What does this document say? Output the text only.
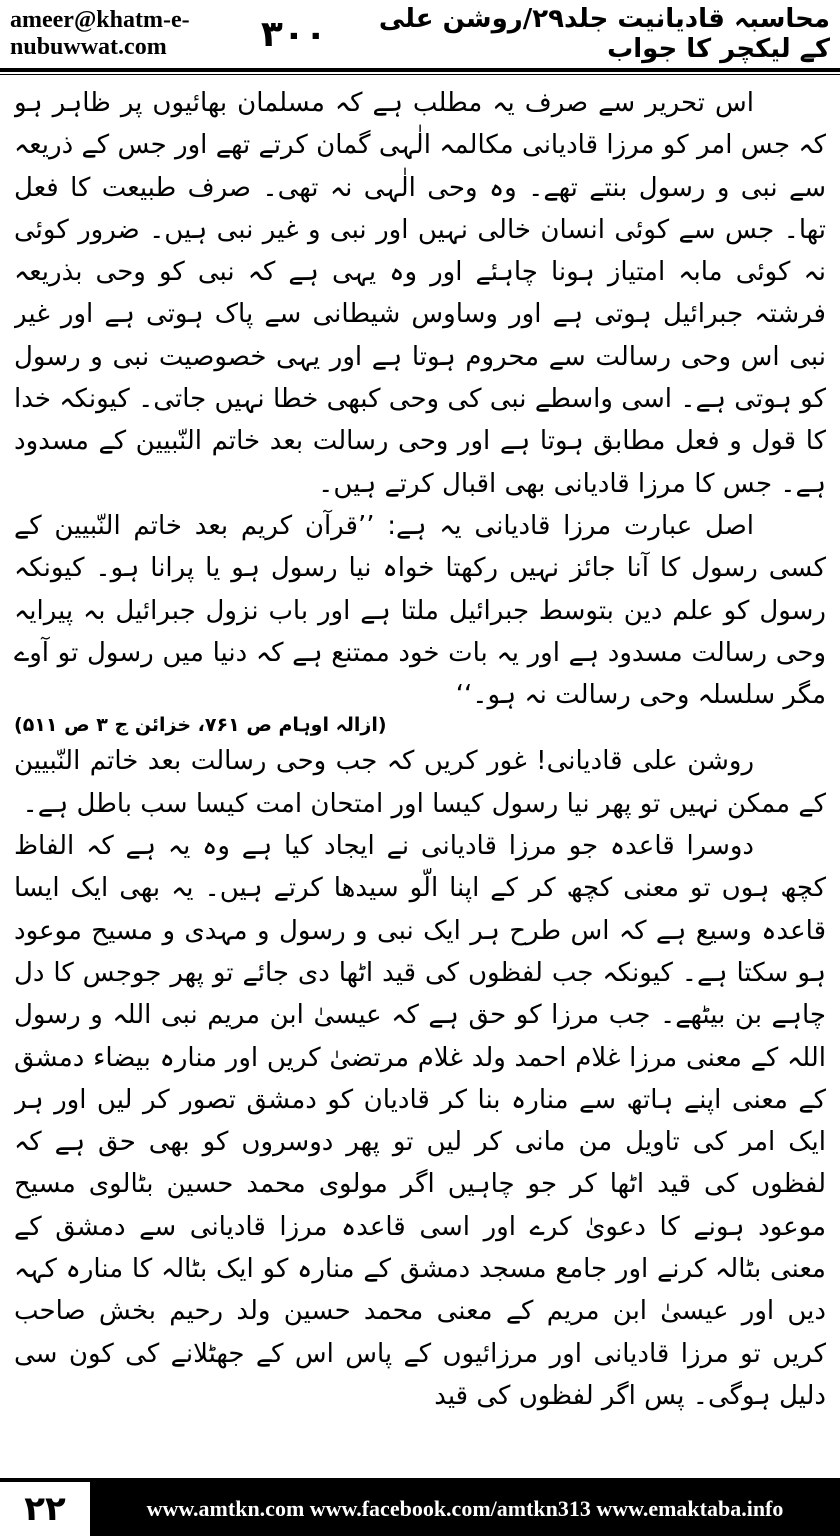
ameer@khatm-e-nubuwwat.com
محاسبہ قادیانیت جلد۲۹/روشن علی کے لیکچر کا جواب
۳۰۰

اس تحریر سے صرف یہ مطلب ہے کہ مسلمان بھائیوں پر ظاہر ہو کہ جس امر کو مرزا قادیانی مکالمہ الٰہی گمان کرتے تھے اور جس کے ذریعہ سے نبی و رسول بنتے تھے۔ وہ وحی الٰہی نہ تھی۔ صرف طبیعت کا فعل تھا۔ جس سے کوئی انسان خالی نہیں اور نبی و غیر نبی ہیں۔ ضرور کوئی نہ کوئی مابہ امتیاز ہونا چاہئے اور وہ یہی ہے کہ نبی کو وحی بذریعہ فرشتہ جبرائیل ہوتی ہے اور وساوس شیطانی سے پاک ہوتی ہے اور غیر نبی اس وحی رسالت سے محروم ہوتا ہے اور یہی خصوصیت نبی و رسول کو ہوتی ہے۔ اسی واسطے نبی کی وحی کبھی خطا نہیں جاتی۔ کیونکہ خدا کا قول و فعل مطابق ہوتا ہے اور وحی رسالت بعد خاتم النّبیین کے مسدود ہے۔ جس کا مرزا قادیانی بھی اقبال کرتے ہیں۔

اصل عبارت مرزا قادیانی یہ ہے: ’’قرآن کریم بعد خاتم النّبیین کے کسی رسول کا آنا جائز نہیں رکھتا خواہ نیا رسول ہو یا پرانا ہو۔ کیونکہ رسول کو علم دین بتوسط جبرائیل ملتا ہے اور باب نزول جبرائیل بہ پیرایہ وحی رسالت مسدود ہے اور یہ بات خود ممتنع ہے کہ دنیا میں رسول تو آوے مگر سلسلہ وحی رسالت نہ ہو۔‘‘

(ازالہ اوہام ص ۷۶۱، خزائن ج ۳ ص ۵۱۱)

روشن علی قادیانی! غور کریں کہ جب وحی رسالت بعد خاتم النّبیین کے ممکن نہیں تو پھر نیا رسول کیسا اور امتحان امت کیسا سب باطل ہے۔

دوسرا قاعدہ جو مرزا قادیانی نے ایجاد کیا ہے وہ یہ ہے کہ الفاظ کچھ ہوں تو معنی کچھ کر کے اپنا الّو سیدھا کرتے ہیں۔ یہ بھی ایک ایسا قاعدہ وسیع ہے کہ اس طرح ہر ایک نبی و رسول و مہدی و مسیح موعود ہو سکتا ہے۔ کیونکہ جب لفظوں کی قید اٹھا دی جائے تو پھر جوجس کا دل چاہے بن بیٹھے۔ جب مرزا کو حق ہے کہ عیسیٰ ابن مریم نبی اللہ و رسول اللہ کے معنی مرزا غلام احمد ولد غلام مرتضیٰ کریں اور منارہ بیضاء دمشق کے معنی اپنے ہاتھ سے منارہ بنا کر قادیان کو دمشق تصور کر لیں اور ہر ایک امر کی تاویل من مانی کر لیں تو پھر دوسروں کو بھی حق ہے کہ لفظوں کی قید اٹھا کر جو چاہیں اگر مولوی محمد حسین بٹالوی مسیح موعود ہونے کا دعویٰ کرے اور اسی قاعدہ مرزا قادیانی سے دمشق کے معنی بٹالہ کرنے اور جامع مسجد دمشق کے منارہ کو ایک بٹالہ کا منارہ کہہ دیں اور عیسیٰ ابن مریم کے معنی محمد حسین ولد رحیم بخش صاحب کریں تو مرزا قادیانی اور مرزائیوں کے پاس اس کے جھٹلانے کی کون سی دلیل ہوگی۔ پس اگر لفظوں کی قید

۲۲	www.amtkn.com www.facebook.com/amtkn313 www.emaktaba.info
